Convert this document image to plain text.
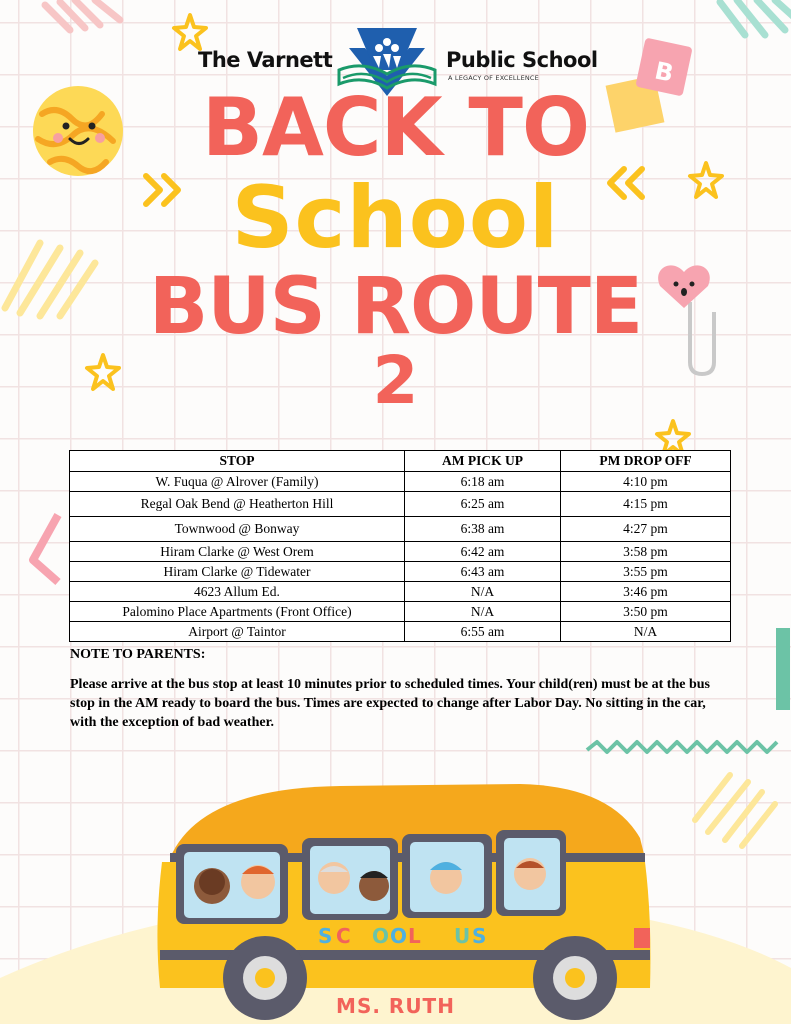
B
The Varnett	Public School
A LEGACY OF EXCELLENCE
BACK TO
School
BUS ROUTE
2
STOP	AM PICK UP	PM DROP OFF
W. Fuqua @ Alrover (Family)	6:18 am	4:10 pm
Regal Oak Bend @ Heatherton Hill	6:25 am	4:15 pm
Townwood @ Bonway	6:38 am	4:27 pm
Hiram Clarke @ West Orem	6:42 am	3:58 pm
Hiram Clarke @ Tidewater	6:43 am	3:55 pm
4623 Allum Ed.	N/A	3:46 pm
Palomino Place Apartments (Front Office)	N/A	3:50 pm
Airport @ Taintor	6:55 am	N/A
NOTE TO PARENTS:
Please arrive at the bus stop at least 10 minutes prior to scheduled times. Your child(ren) must be at the bus stop in the AM ready to board the bus. Times are expected to change after Labor Day. No sitting in the car, with the exception of bad weather.
S C H O O L B U S
MS. RUTH
